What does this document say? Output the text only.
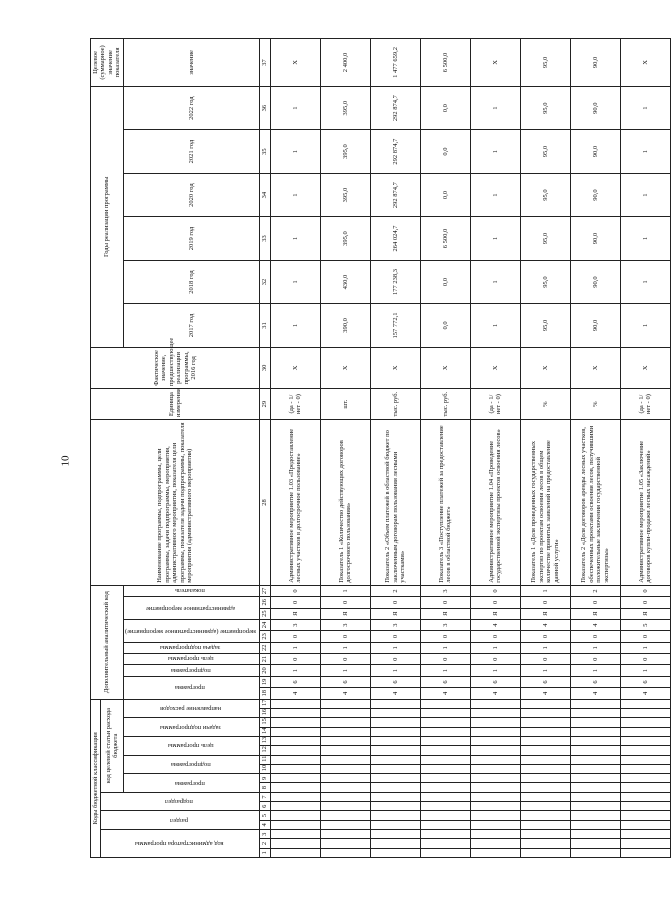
10
Коды бюджетной классификации																	Дополнительный аналитический код										Наименование программы, подпрограммы, цели программы, задачи подпрограммы, мероприятия, административного мероприятия, показателя цели программы, показателя задачи подпрограммы, показателя мероприятия (административного мероприятия)	Единица измерения	Фактическое значение, предшествующее реализации программы, 2016 год	Годы реализации программы						Целевое (суммарное) значение показателя
код администратора программы			раздел		подраздел		код целевой статьи расхода бюджета																													
							программа		подпрограмма		цель программы		задачи подпрограммы		направление расходов		программа		подпрограмма	цель программы	задача подпрограммы	мероприятие (административное мероприятие)		административное мероприятие		показатель				2017 год	2018 год	2019 год	2020 год	2021 год	2022 год	значение

1	2	3	4	5	6	7	8	9	10	11	12	13	14	15	16	17	18	19	20	21	22	23	24	25	26	27	28	29	30	31	32	33	34	35	36	37
																	4	6	1	0	1	0	3	Я	0	0	Административное мероприятие 1.03 «Предоставление лесных участков в долгосрочное пользование»	(да - 1/ нет - 0)	X	1	1	1	1	1	1	X
																	4	6	1	0	1	0	3	Я	0	1	Показатель 1 «Количество действующих договоров долгосрочного пользования»	шт.	X	390,0	430,0	395,0	395,0	395,0	395,0	2 400,0
																	4	6	1	0	1	0	3	Я	0	2	Показатель 2 «Объем платежей в областной бюджет по заключенным договорам пользования лесными участками»	тыс. руб.	X	157 772,1	177 238,3	264 024,7	292 874,7	292 874,7	292 874,7	1 477 659,2
																	4	6	1	0	1	0	3	Я	0	3	Показатель 3 «Поступление платежей за предоставление лесов в областной бюджет»	тыс. руб.	X	0,0	0,0	6 500,0	0,0	0,0	0,0	6 500,0
																	4	6	1	0	1	0	4	Я	0	0	Административное мероприятие 1.04 «Проведение государственной экспертизы проектов освоения лесов»	(да - 1/ нет - 0)	X	1	1	1	1	1	1	X
																	4	6	1	0	1	0	4	Я	0	1	Показатель 1 «Доля проведенных государственных экспертиз по проектам освоения лесов в общем количестве принятых заявлений на предоставление данной услуги»	%	X	95,0	95,0	95,0	95,0	95,0	95,0	95,0
																	4	6	1	0	1	0	4	Я	0	2	Показатель 2 «Доля договоров аренды лесных участков, обеспеченных проектами освоения лесов, получившими положительные заключения государственной экспертизы»	%	X	90,0	90,0	90,0	90,0	90,0	90,0	90,0
																	4	6	1	0	1	0	5	Я	0	0	Административное мероприятие 1.05 «Заключение договоров купли-продажи лесных насаждений»	(да - 1/ нет - 0)	X	1	1	1	1	1	1	X
